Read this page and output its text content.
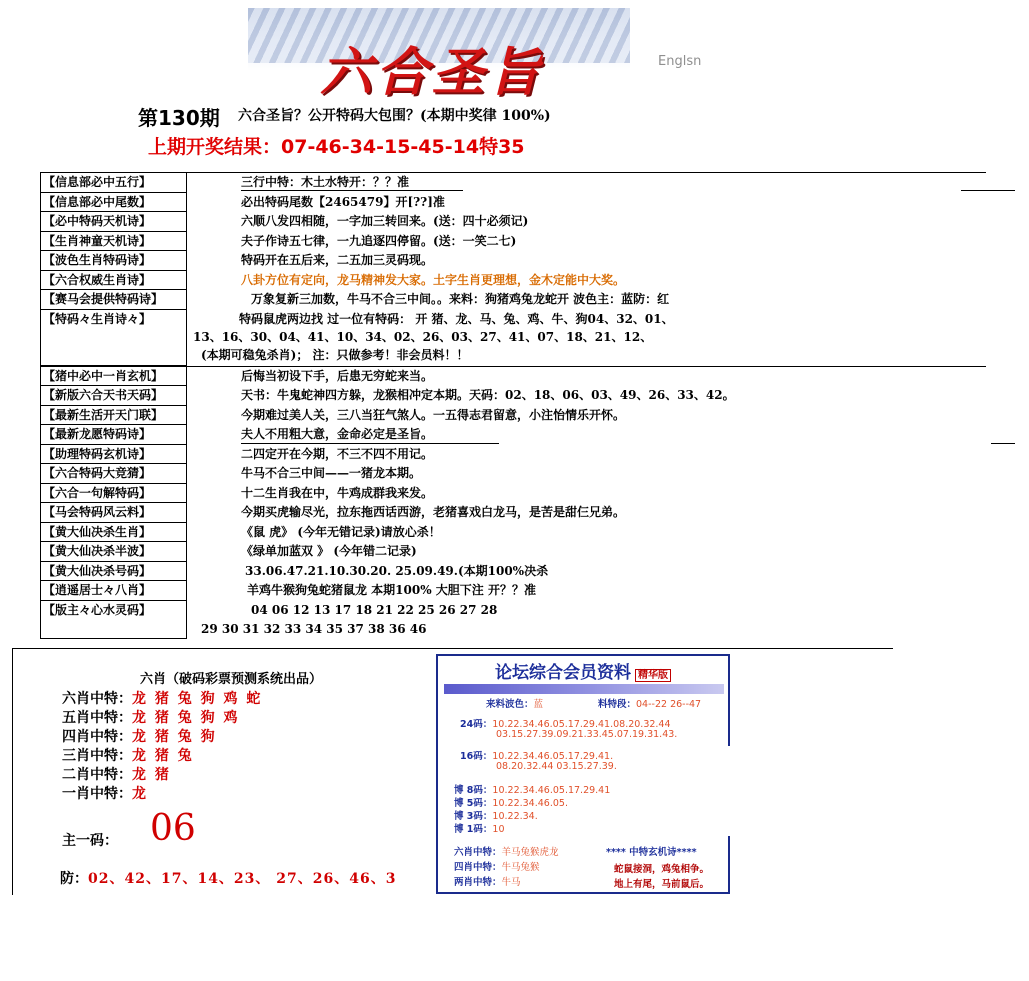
六合圣旨	Englsn
第130期 六合圣旨？公开特码大包围？(本期中奖律 100%)
上期开奖结果：07-46-34-15-45-14特35
【信息部必中五行】	三行中特：木土水特开：？？准
【信息部必中尾数】	必出特码尾数【2465479】开[??]准
【必中特码天机诗】	六顺八发四相随，一字加三转回来。(送：四十必须记)
【生肖神童天机诗】	夫子作诗五七律，一九追逐四停留。(送：一笑二七)
【波色生肖特码诗】	特码开在五后来，二五加三灵码现。
【六合权威生肖诗】	八卦方位有定向，龙马精神发大家。土字生肖更理想，金木定能中大奖。
【赛马会提供特码诗】	万象复新三加数，牛马不合三中间。。来料：狗猪鸡兔龙蛇开 波色主：蓝防：红
【特码々生肖诗々】	特码鼠虎两边找 过一位有特码： 开 猪、龙、马、兔、鸡、牛、狗04、32、01、
13、16、30、04、41、10、34、02、26、03、27、41、07、18、21、12、
(本期可稳兔杀肖)； 注：只做参考！非会员料！！
【猪中必中一肖玄机】	后悔当初设下手，后患无穷蛇来当。
【新版六合天书天码】	天书：牛鬼蛇神四方躲，龙猴相冲定本期。天码：02、18、06、03、49、26、33、42。
【最新生活开天门联】	今期难过美人关，三八当狂气煞人。一五得志君留意，小注怡情乐开怀。
【最新龙愿特码诗】	夫人不用粗大意，金命必定是圣旨。
【助理特码玄机诗】	二四定开在今期，不三不四不用记。
【六合特码大竞猜】	牛马不合三中间——一猪龙本期。
【六合一句解特码】	十二生肖我在中，牛鸡成群我来发。
【马会特码风云料】	今期买虎输尽光，拉东拖西话西游，老猪喜戏白龙马，是苦是甜仨兄弟。
【黄大仙决杀生肖】	《鼠 虎》 (今年无错记录)请放心杀！
【黄大仙决杀半波】	《绿单加蓝双 》 (今年错二记录)
【黄大仙决杀号码】	33.06.47.21.10.30.20. 25.09.49.(本期100%决杀
【逍遥居士々八肖】	羊鸡牛猴狗兔蛇猪鼠龙 本期100% 大胆下注 开？？准
【版主々心水灵码】	04 06 12 13 17 18 21 22 25 26 27 28
29 30 31 32 33 34 35 37 38 36 46
六肖（破码彩票预测系统出品）
六肖中特：龙 猪 兔 狗 鸡 蛇
五肖中特：龙 猪 兔 狗 鸡
四肖中特：龙 猪 兔 狗
三肖中特：龙 猪 兔
二肖中特：龙 猪
一肖中特：龙
主一码： 06
防：02、42、17、14、23、 27、26、46、3
论坛综合会员资料 精华版
来料波色：蓝	料特段：04--22 26--47
24码：10.22.34.46.05.17.29.41.08.20.32.44
03.15.27.39.09.21.33.45.07.19.31.43.
16码：10.22.34.46.05.17.29.41.
08.20.32.44 03.15.27.39.
博 8码：10.22.34.46.05.17.29.41
博 5码：10.22.34.46.05.
博 3码：10.22.34.
博 1码：10
六肖中特：羊马兔猴虎龙
四肖中特：牛马兔猴
两肖中特：牛马
**** 中特玄机诗****
蛇鼠接洞，鸡兔相争。
地上有尾，马前鼠后。
